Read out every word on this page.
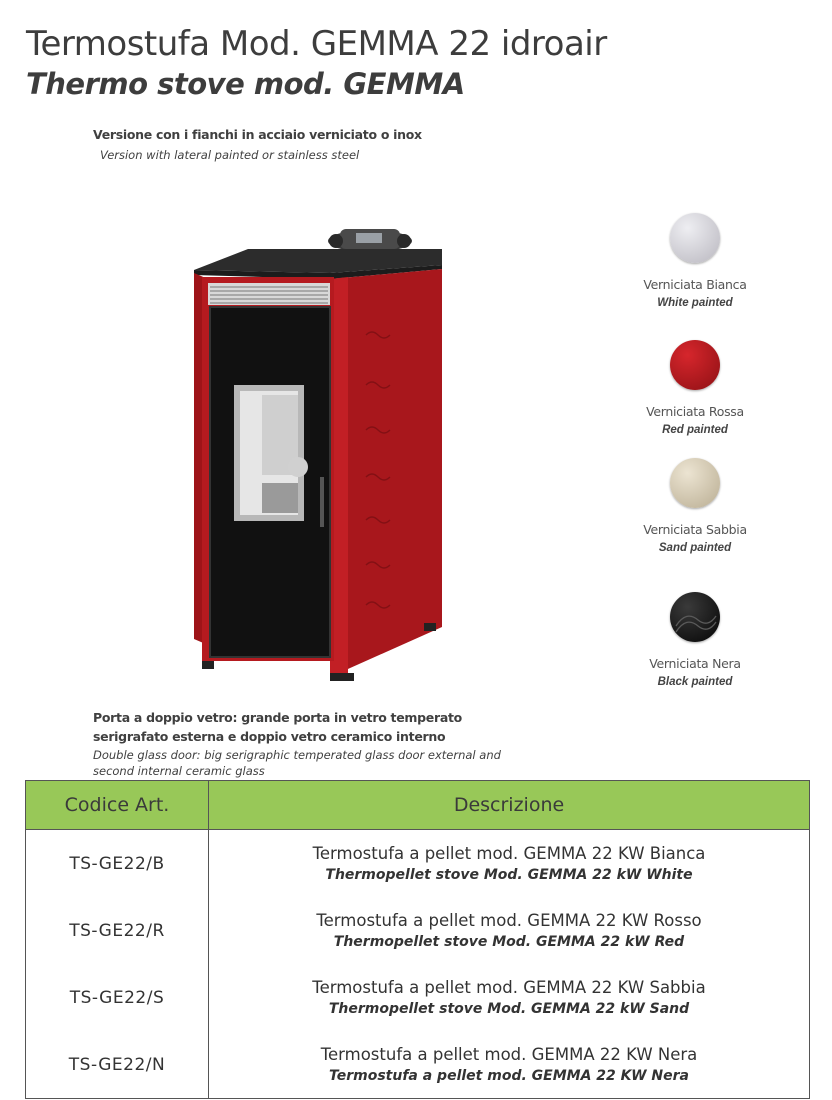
Termostufa Mod. GEMMA 22 idroair
Thermo stove mod. GEMMA
Versione con i fianchi in acciaio verniciato o inox
Version with lateral painted or stainless steel
Verniciata Bianca
White painted
Verniciata Rossa
Red painted
Verniciata Sabbia
Sand painted
Verniciata Nera
Black painted
Porta a doppio vetro: grande porta in vetro temperato serigrafato esterna e doppio vetro ceramico interno
Double glass door: big serigraphic temperated glass door external and second internal ceramic glass
Codice Art.	Descrizione
TS-GE22/B	Termostufa a pellet mod. GEMMA 22 KW Bianca
Thermopellet stove Mod. GEMMA 22 kW White

TS-GE22/R	Termostufa a pellet mod. GEMMA 22 KW Rosso
Thermopellet stove Mod. GEMMA 22 kW Red

TS-GE22/S	Termostufa a pellet mod. GEMMA 22 KW Sabbia
Thermopellet stove Mod. GEMMA 22 kW Sand

TS-GE22/N	Termostufa a pellet mod. GEMMA 22 KW Nera
Termostufa a pellet mod. GEMMA 22 KW Nera
